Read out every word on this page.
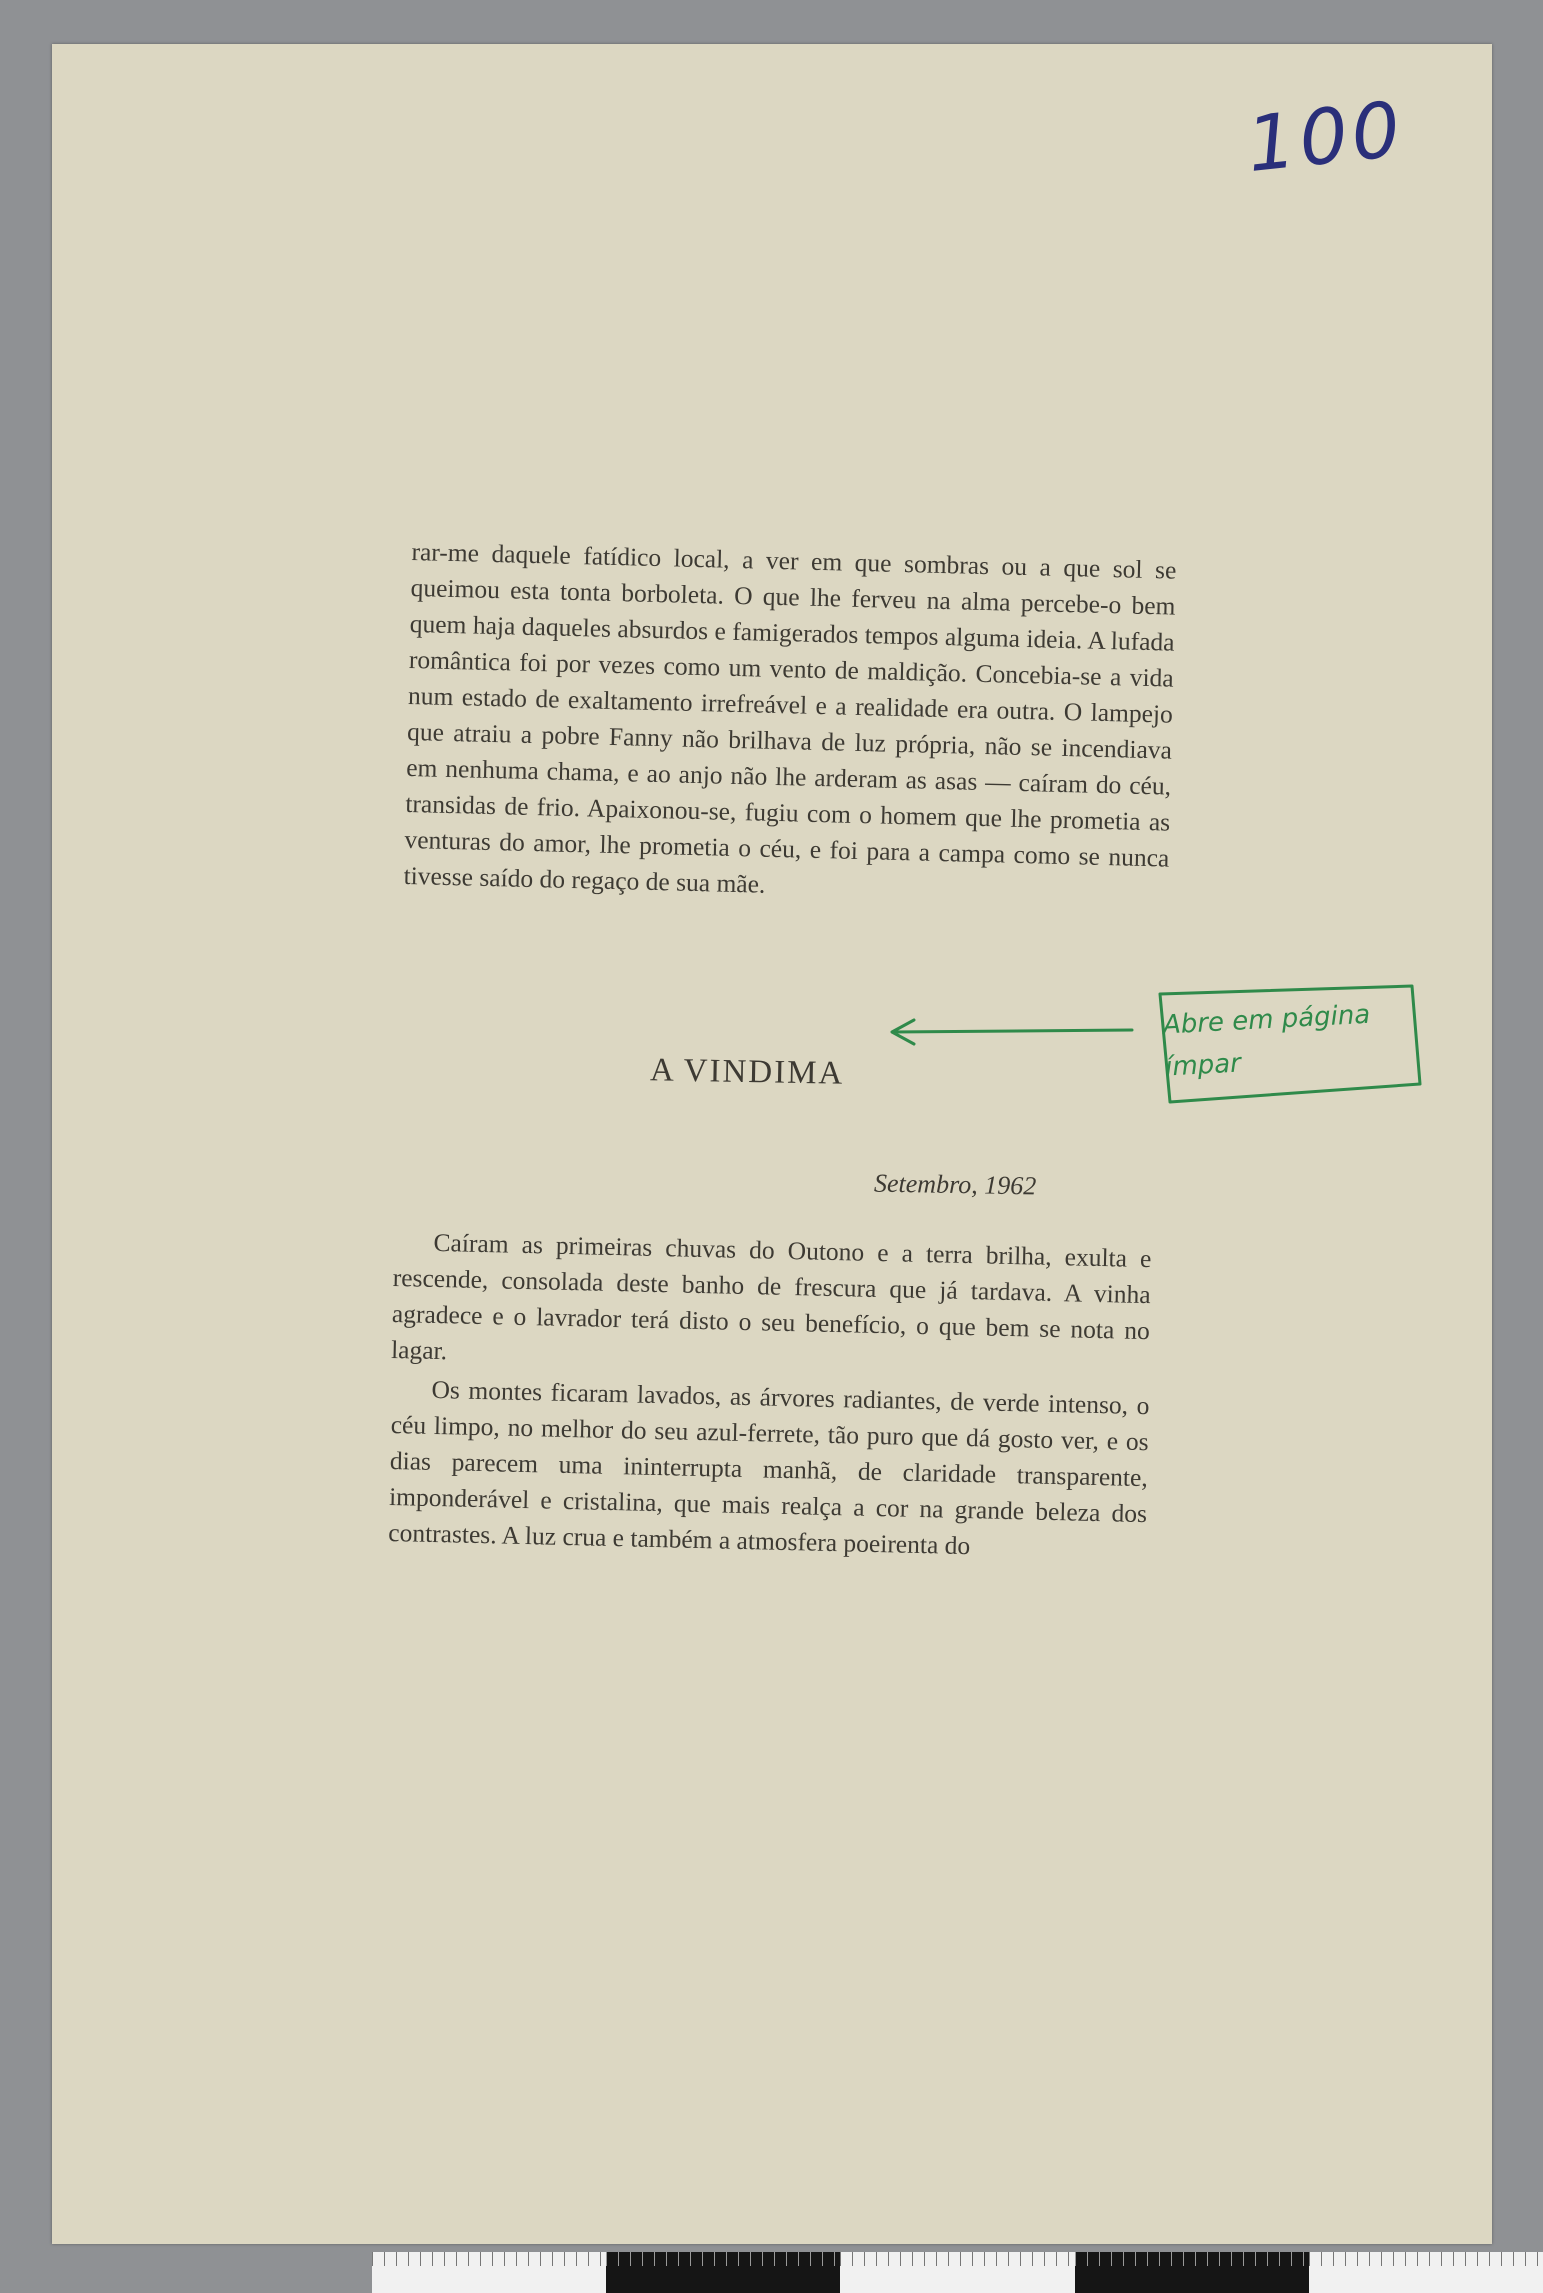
100

rar-me daquele fatídico local, a ver em que sombras ou a que sol se queimou esta tonta borboleta. O que lhe ferveu na alma percebe-o bem quem haja daqueles absurdos e famigerados tempos alguma ideia. A lufada romântica foi por vezes como um vento de maldição. Concebia-se a vida num estado de exaltamento irrefreável e a realidade era outra. O lampejo que atraiu a pobre Fanny não brilhava de luz própria, não se incendiava em nenhuma chama, e ao anjo não lhe arderam as asas — caíram do céu, transidas de frio. Apaixonou-se, fugiu com o homem que lhe prometia as venturas do amor, lhe prometia o céu, e foi para a campa como se nunca tivesse saído do regaço de sua mãe.

A VINDIMA
Setembro, 1962

Caíram as primeiras chuvas do Outono e a terra brilha, exulta e rescende, consolada deste banho de frescura que já tardava. A vinha agradece e o lavrador terá disto o seu benefício, o que bem se nota no lagar.

Os montes ficaram lavados, as árvores radiantes, de verde intenso, o céu limpo, no melhor do seu azul-ferrete, tão puro que dá gosto ver, e os dias parecem uma ininterrupta manhã, de claridade transparente, imponderável e cristalina, que mais realça a cor na grande beleza dos contrastes. A luz crua e também a atmosfera poeirenta do

Abre em página ímpar
